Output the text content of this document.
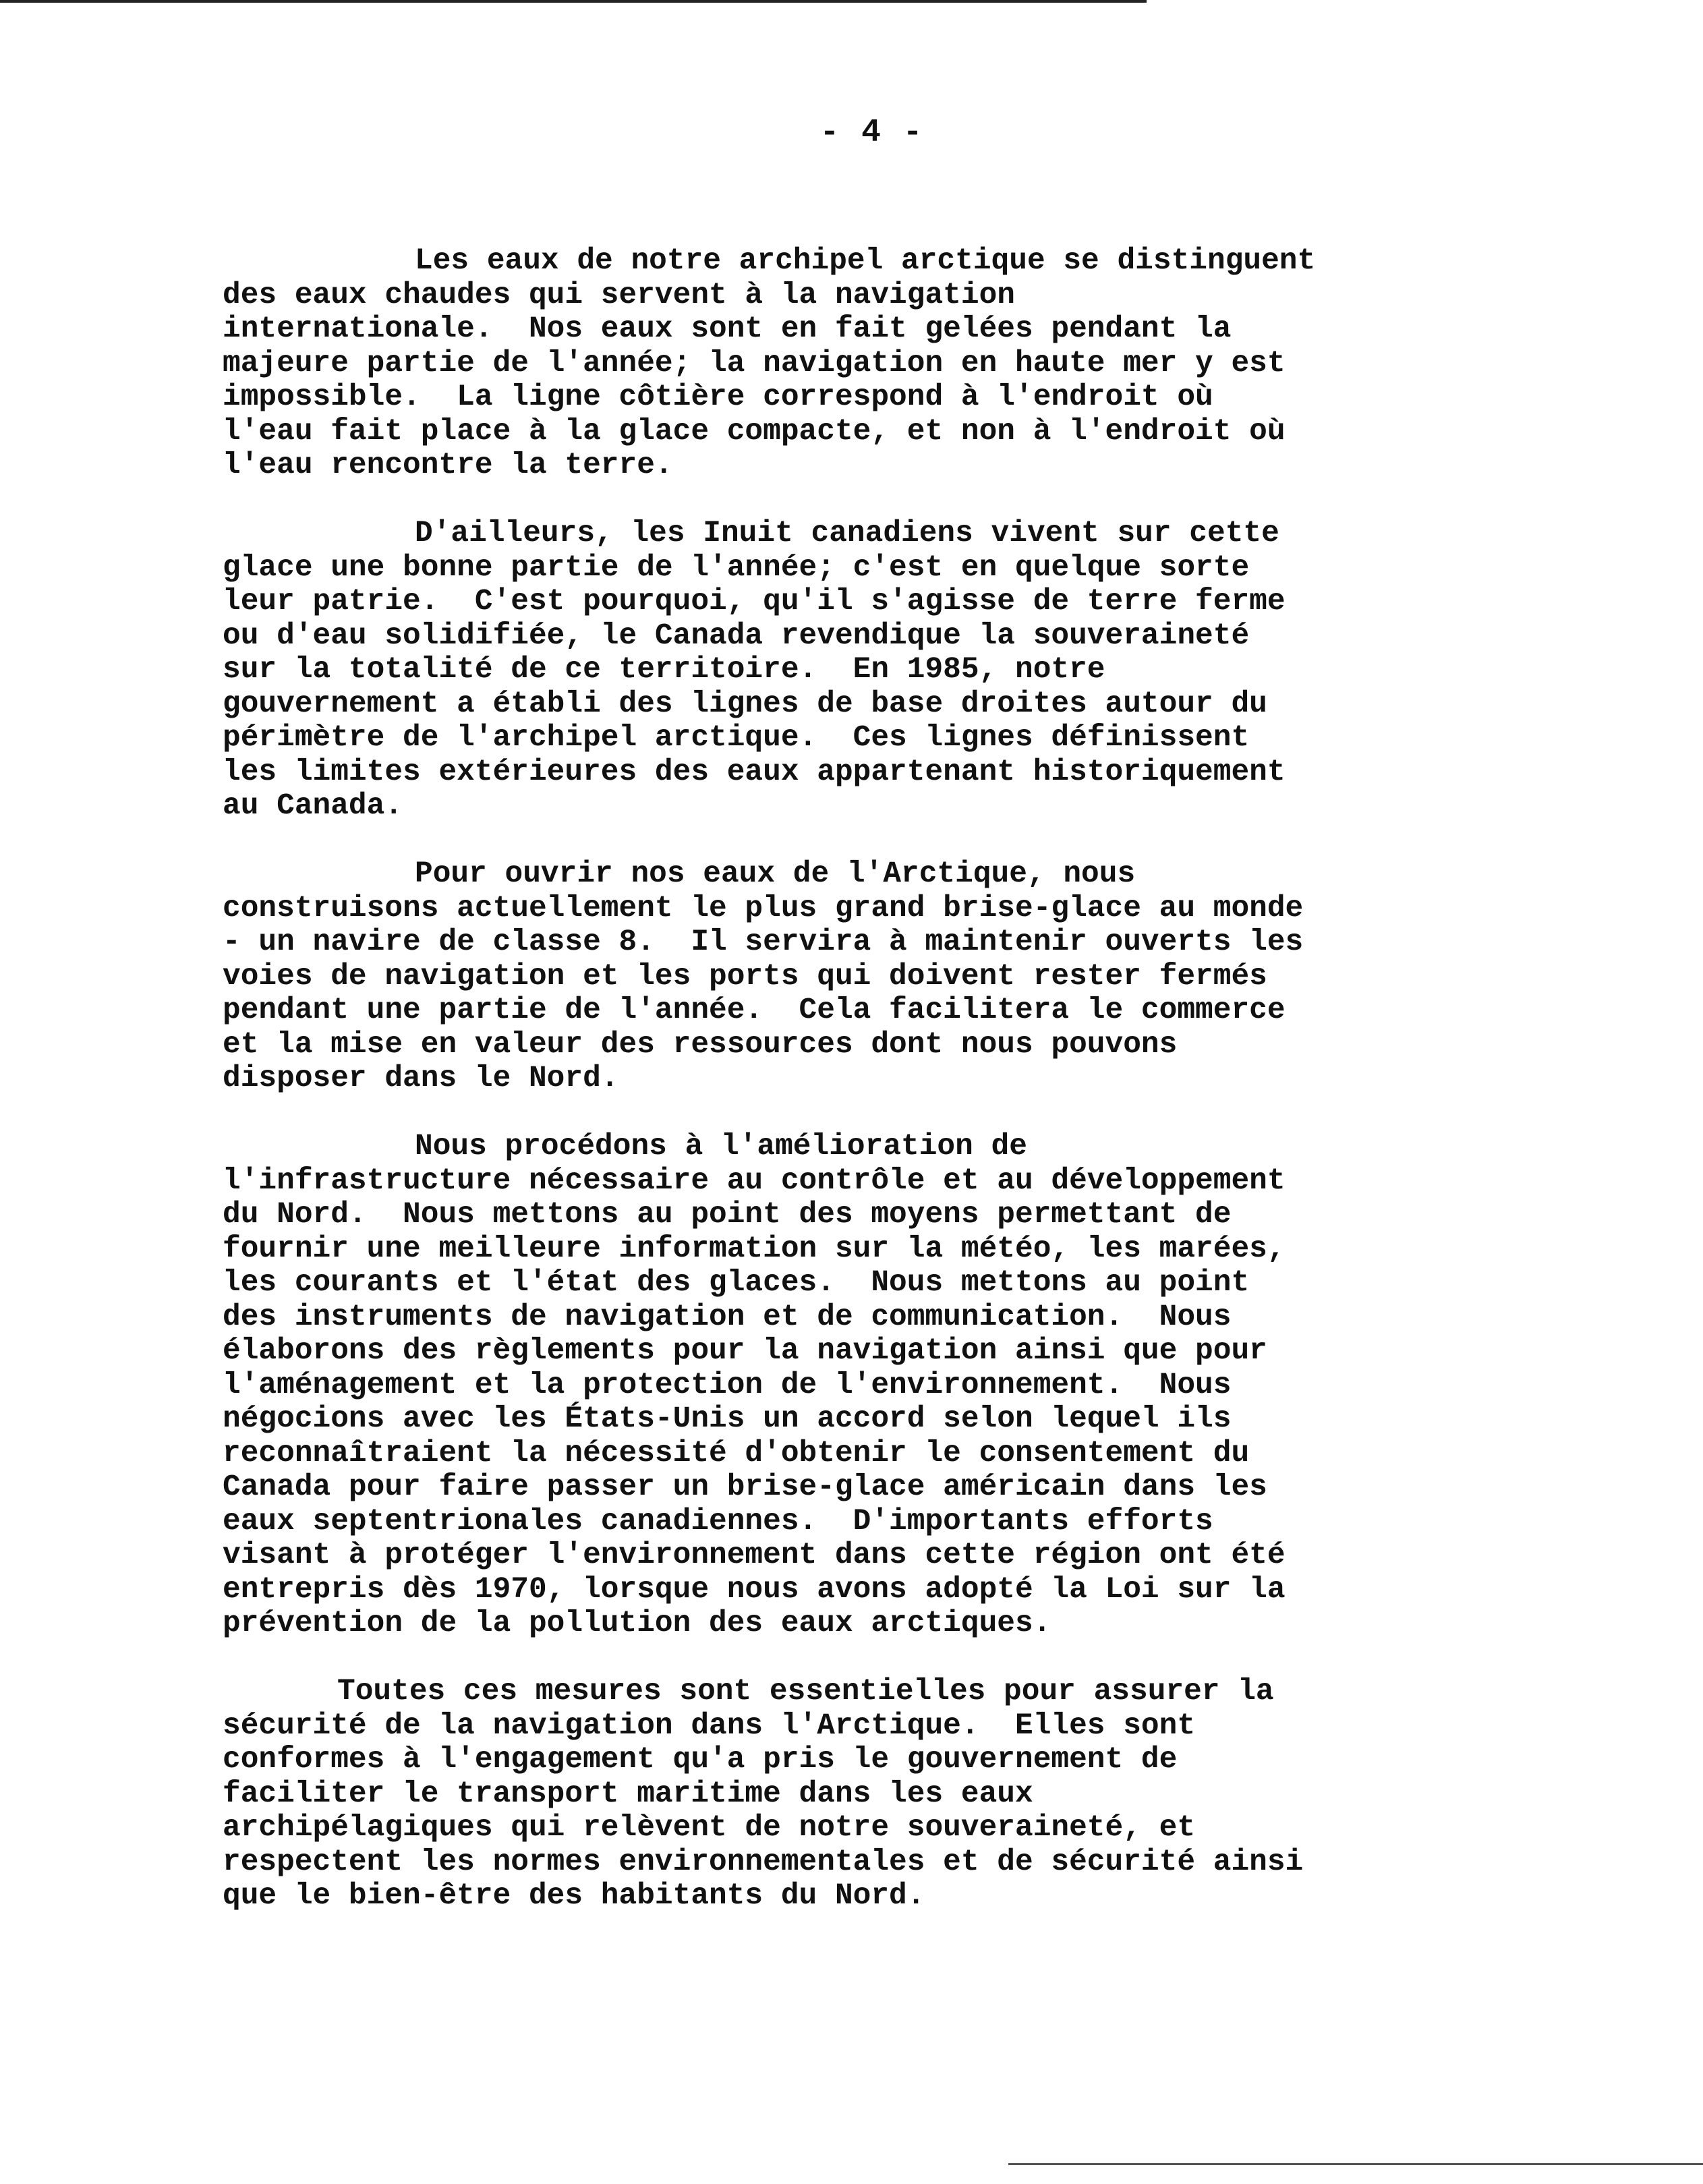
- 4 -

Les eaux de notre archipel arctique se distinguent
des eaux chaudes qui servent à la navigation
internationale.  Nos eaux sont en fait gelées pendant la
majeure partie de l'année; la navigation en haute mer y est
impossible.  La ligne côtière correspond à l'endroit où
l'eau fait place à la glace compacte, et non à l'endroit où
l'eau rencontre la terre.

D'ailleurs, les Inuit canadiens vivent sur cette
glace une bonne partie de l'année; c'est en quelque sorte
leur patrie.  C'est pourquoi, qu'il s'agisse de terre ferme
ou d'eau solidifiée, le Canada revendique la souveraineté
sur la totalité de ce territoire.  En 1985, notre
gouvernement a établi des lignes de base droites autour du
périmètre de l'archipel arctique.  Ces lignes définissent
les limites extérieures des eaux appartenant historiquement
au Canada.

Pour ouvrir nos eaux de l'Arctique, nous
construisons actuellement le plus grand brise-glace au monde
- un navire de classe 8.  Il servira à maintenir ouverts les
voies de navigation et les ports qui doivent rester fermés
pendant une partie de l'année.  Cela facilitera le commerce
et la mise en valeur des ressources dont nous pouvons
disposer dans le Nord.

Nous procédons à l'amélioration de
l'infrastructure nécessaire au contrôle et au développement
du Nord.  Nous mettons au point des moyens permettant de
fournir une meilleure information sur la météo, les marées,
les courants et l'état des glaces.  Nous mettons au point
des instruments de navigation et de communication.  Nous
élaborons des règlements pour la navigation ainsi que pour
l'aménagement et la protection de l'environnement.  Nous
négocions avec les États-Unis un accord selon lequel ils
reconnaîtraient la nécessité d'obtenir le consentement du
Canada pour faire passer un brise-glace américain dans les
eaux septentrionales canadiennes.  D'importants efforts
visant à protéger l'environnement dans cette région ont été
entrepris dès 1970, lorsque nous avons adopté la Loi sur la
prévention de la pollution des eaux arctiques.

Toutes ces mesures sont essentielles pour assurer la
sécurité de la navigation dans l'Arctique.  Elles sont
conformes à l'engagement qu'a pris le gouvernement de
faciliter le transport maritime dans les eaux
archipélagiques qui relèvent de notre souveraineté, et
respectent les normes environnementales et de sécurité ainsi
que le bien-être des habitants du Nord.
